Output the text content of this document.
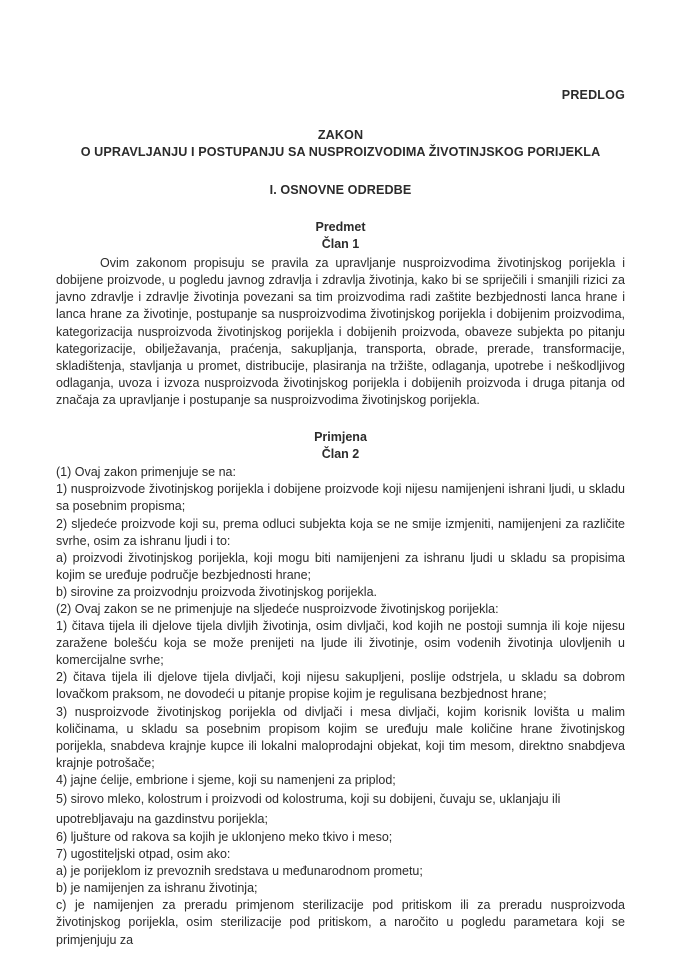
PREDLOG
ZAKON
O UPRAVLJANJU I POSTUPANJU SA NUSPROIZVODIMA ŽIVOTINJSKOG PORIJEKLA
I. OSNOVNE ODREDBE
Predmet
Član 1

Ovim zakonom propisuju se pravila za upravljanje nusproizvodima životinjskog porijekla i dobijene proizvode, u pogledu javnog zdravlja i zdravlja životinja, kako bi se spriječili i smanjili rizici za javno zdravlje i zdravlje životinja povezani sa tim proizvodima radi zaštite bezbjednosti lanca hrane i lanca hrane za životinje, postupanje sa nusproizvodima životinjskog porijekla i dobijenim proizvodima, kategorizacija nusproizvoda životinjskog porijekla i dobijenih proizvoda, obaveze subjekta po pitanju kategorizacije, obilježavanja, praćenja, sakupljanja, transporta, obrade, prerade, transformacije, skladištenja, stavljanja u promet, distribucije, plasiranja na tržište, odlaganja, upotrebe i neškodljivog odlaganja, uvoza i izvoza nusproizvoda životinjskog porijekla i dobijenih proizvoda i druga pitanja od značaja za upravljanje i postupanje sa nusproizvodima životinjskog porijekla.

Primjena
Član 2

(1) Ovaj zakon primenjuje se na:

1) nusproizvode životinjskog porijekla i dobijene proizvode koji nijesu namijenjeni ishrani ljudi, u skladu sa posebnim propisma;

2) sljedeće proizvode koji su, prema odluci subjekta koja se ne smije izmjeniti, namijenjeni za različite svrhe, osim za ishranu ljudi i to:

a) proizvodi životinjskog porijekla, koji mogu biti namijenjeni za ishranu ljudi u skladu sa propisima kojim se uređuje područje bezbjednosti hrane;

b) sirovine za proizvodnju proizvoda životinjskog porijekla.

(2) Ovaj zakon se ne primenjuje na sljedeće nusproizvode životinjskog porijekla:

1) čitava tijela ili djelove tijela divljih životinja, osim divljači, kod kojih ne postoji sumnja ili koje nijesu zaražene bolešću koja se može prenijeti na ljude ili životinje, osim vodenih životinja ulovljenih u komercijalne svrhe;

2) čitava tijela ili djelove tijela divljači, koji nijesu sakupljeni, poslije odstrjela, u skladu sa dobrom lovačkom praksom, ne dovodeći u pitanje propise kojim je regulisana bezbjednost hrane;

3) nusproizvode životinjskog porijekla od divljači i mesa divljači, kojim korisnik lovišta u malim količinama, u skladu sa posebnim propisom kojim se uređuju male količine hrane životinjskog porijekla, snabdeva krajnje kupce ili lokalni maloprodajni objekat, koji tim mesom, direktno snabdjeva krajnje potrošače;

4) jajne ćelije, embrione i sjeme, koji su namenjeni za priplod;

5) sirovo mleko, kolostrum i proizvodi od kolostruma, koji su dobijeni, čuvaju se, uklanjaju ili upotrebljavaju na gazdinstvu porijekla;

6) ljušture od rakova sa kojih je uklonjeno meko tkivo i meso;

7) ugostiteljski otpad, osim ako:

a) je porijeklom iz prevoznih sredstava u međunarodnom prometu;

b) je namijenjen za ishranu životinja;

c) je namijenjen za preradu primjenom sterilizacije pod pritiskom ili za preradu nusproizvoda životinjskog porijekla, osim sterilizacije pod pritiskom, a naročito u pogledu parametara koji se primjenjuju za
